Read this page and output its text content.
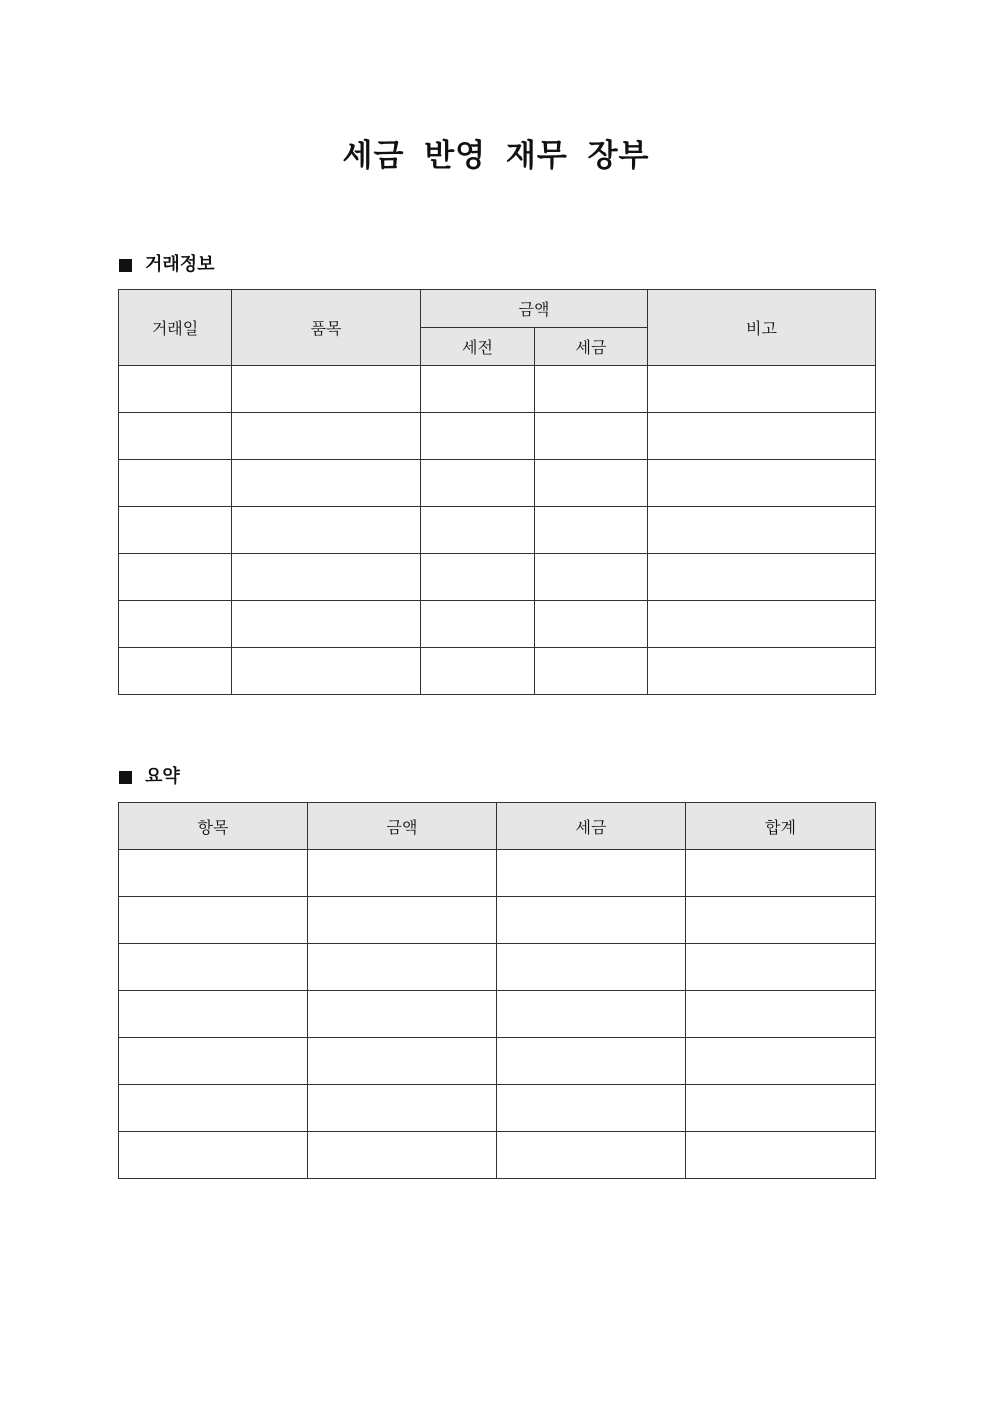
세금 반영 재무 장부
거래정보
거래일	품목	금액		비고
		세전	세금	

요약
항목	금액	세금	합계
